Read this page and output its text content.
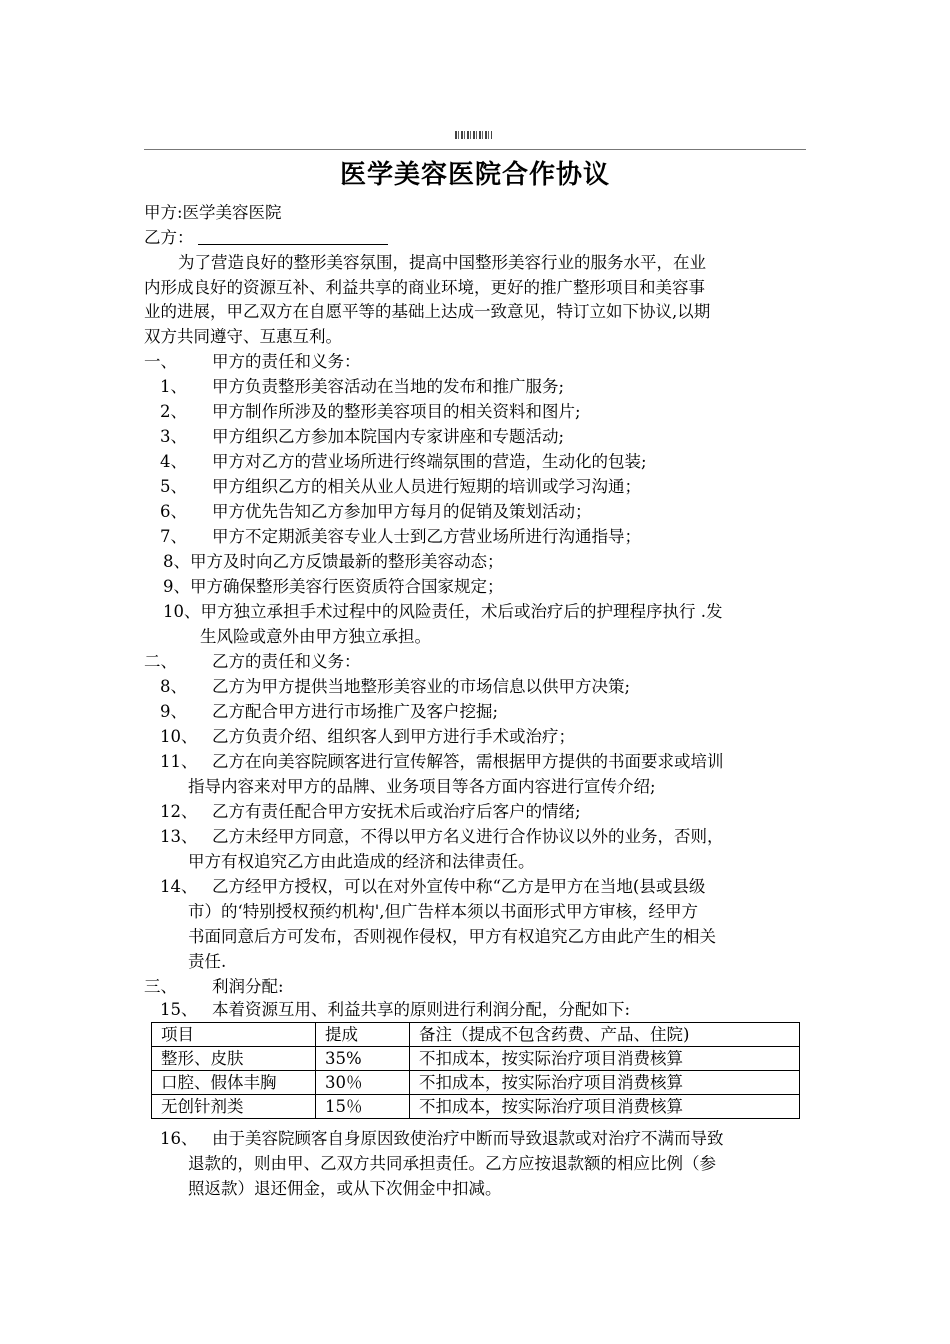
医学美容医院合作协议
甲方:医学美容医院
乙方：
为了营造良好的整形美容氛围，提高中国整形美容行业的服务水平，在业
内形成良好的资源互补、利益共享的商业环境，更好的推广整形项目和美容事
业的进展，甲乙双方在自愿平等的基础上达成一致意见，特订立如下协议,以期
双方共同遵守、互惠互利。
一、 甲方的责任和义务：
1、 甲方负责整形美容活动在当地的发布和推广服务;
2、 甲方制作所涉及的整形美容项目的相关资料和图片;
3、 甲方组织乙方参加本院国内专家讲座和专题活动;
4、 甲方对乙方的营业场所进行终端氛围的营造，生动化的包装;
5、 甲方组织乙方的相关从业人员进行短期的培训或学习沟通；
6、 甲方优先告知乙方参加甲方每月的促销及策划活动；
7、 甲方不定期派美容专业人士到乙方营业场所进行沟通指导；
8、甲方及时向乙方反馈最新的整形美容动态；
9、甲方确保整形美容行医资质符合国家规定；
10、甲方独立承担手术过程中的风险责任，术后或治疗后的护理程序执行 .发
生风险或意外由甲方独立承担。
二、 乙方的责任和义务：
8、 乙方为甲方提供当地整形美容业的市场信息以供甲方决策;
9、 乙方配合甲方进行市场推广及客户挖掘;
10、 乙方负责介绍、组织客人到甲方进行手术或治疗；
11、 乙方在向美容院顾客进行宣传解答，需根据甲方提供的书面要求或培训
指导内容来对甲方的品牌、业务项目等各方面内容进行宣传介绍;
12、 乙方有责任配合甲方安抚术后或治疗后客户的情绪;
13、 乙方未经甲方同意，不得以甲方名义进行合作协议以外的业务，否则，
甲方有权追究乙方由此造成的经济和法律责任。
14、 乙方经甲方授权，可以在对外宣传中称“乙方是甲方在当地(县或县级
市）的‘特别授权预约机构',但广告样本须以书面形式甲方审核，经甲方
书面同意后方可发布，否则视作侵权，甲方有权追究乙方由此产生的相关
责任.
三、 利润分配:
15、 本着资源互用、利益共享的原则进行利润分配，分配如下:
项目	提成	备注（提成不包含药费、产品、住院)
整形、皮肤	35%	不扣成本，按实际治疗项目消费核算
口腔、假体丰胸	30％	不扣成本，按实际治疗项目消费核算
无创针剂类	15％	不扣成本，按实际治疗项目消费核算
16、 由于美容院顾客自身原因致使治疗中断而导致退款或对治疗不满而导致
退款的，则由甲、乙双方共同承担责任。乙方应按退款额的相应比例（参
照返款）退还佣金，或从下次佣金中扣减。
